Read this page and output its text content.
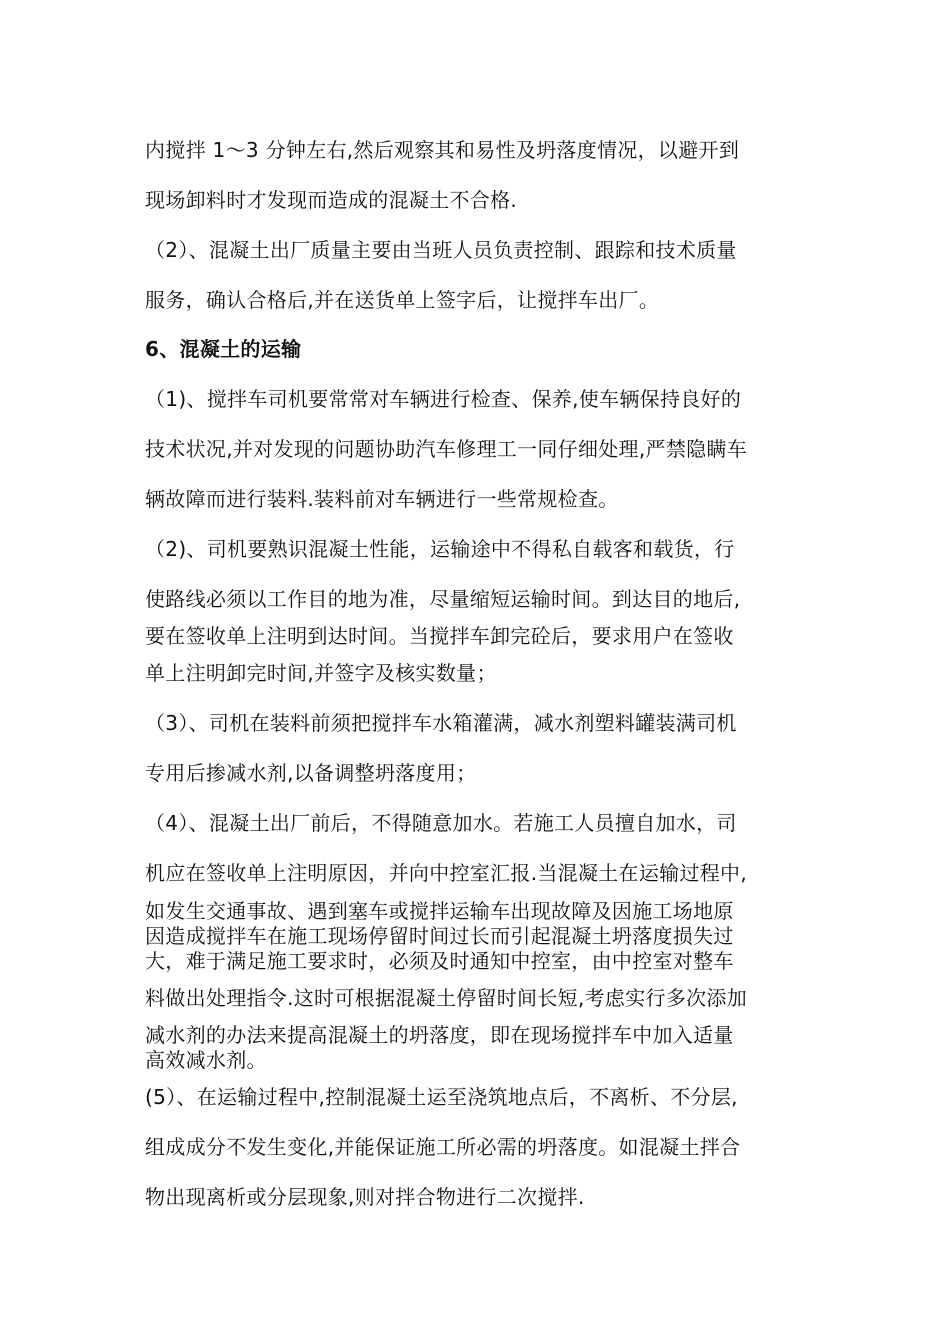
内搅拌 1～3 分钟左右,然后观察其和易性及坍落度情况，以避开到
现场卸料时才发现而造成的混凝土不合格.
（2）、混凝土出厂质量主要由当班人员负责控制、跟踪和技术质量
服务，确认合格后,并在送货单上签字后，让搅拌车出厂。
6、混凝土的运输
（1)、搅拌车司机要常常对车辆进行检查、保养,使车辆保持良好的
技术状况,并对发现的问题协助汽车修理工一同仔细处理,严禁隐瞒车
辆故障而进行装料.装料前对车辆进行一些常规检查。
（2)、司机要熟识混凝土性能，运输途中不得私自载客和载货，行
使路线必须以工作目的地为准，尽量缩短运输时间。到达目的地后,
要在签收单上注明到达时间。当搅拌车卸完砼后，要求用户在签收
单上注明卸完时间,并签字及核实数量；
（3）、司机在装料前须把搅拌车水箱灌满，减水剂塑料罐装满司机
专用后掺减水剂,以备调整坍落度用；
（4）、混凝土出厂前后，不得随意加水。若施工人员擅自加水，司
机应在签收单上注明原因，并向中控室汇报.当混凝土在运输过程中,
如发生交通事故、遇到塞车或搅拌运输车出现故障及因施工场地原
因造成搅拌车在施工现场停留时间过长而引起混凝土坍落度损失过
大，难于满足施工要求时，必须及时通知中控室，由中控室对整车
料做出处理指令.这时可根据混凝土停留时间长短,考虑实行多次添加
减水剂的办法来提高混凝土的坍落度，即在现场搅拌车中加入适量
高效减水剂。
(5）、在运输过程中,控制混凝土运至浇筑地点后，不离析、不分层,
组成成分不发生变化,并能保证施工所必需的坍落度。如混凝土拌合
物出现离析或分层现象,则对拌合物进行二次搅拌.
